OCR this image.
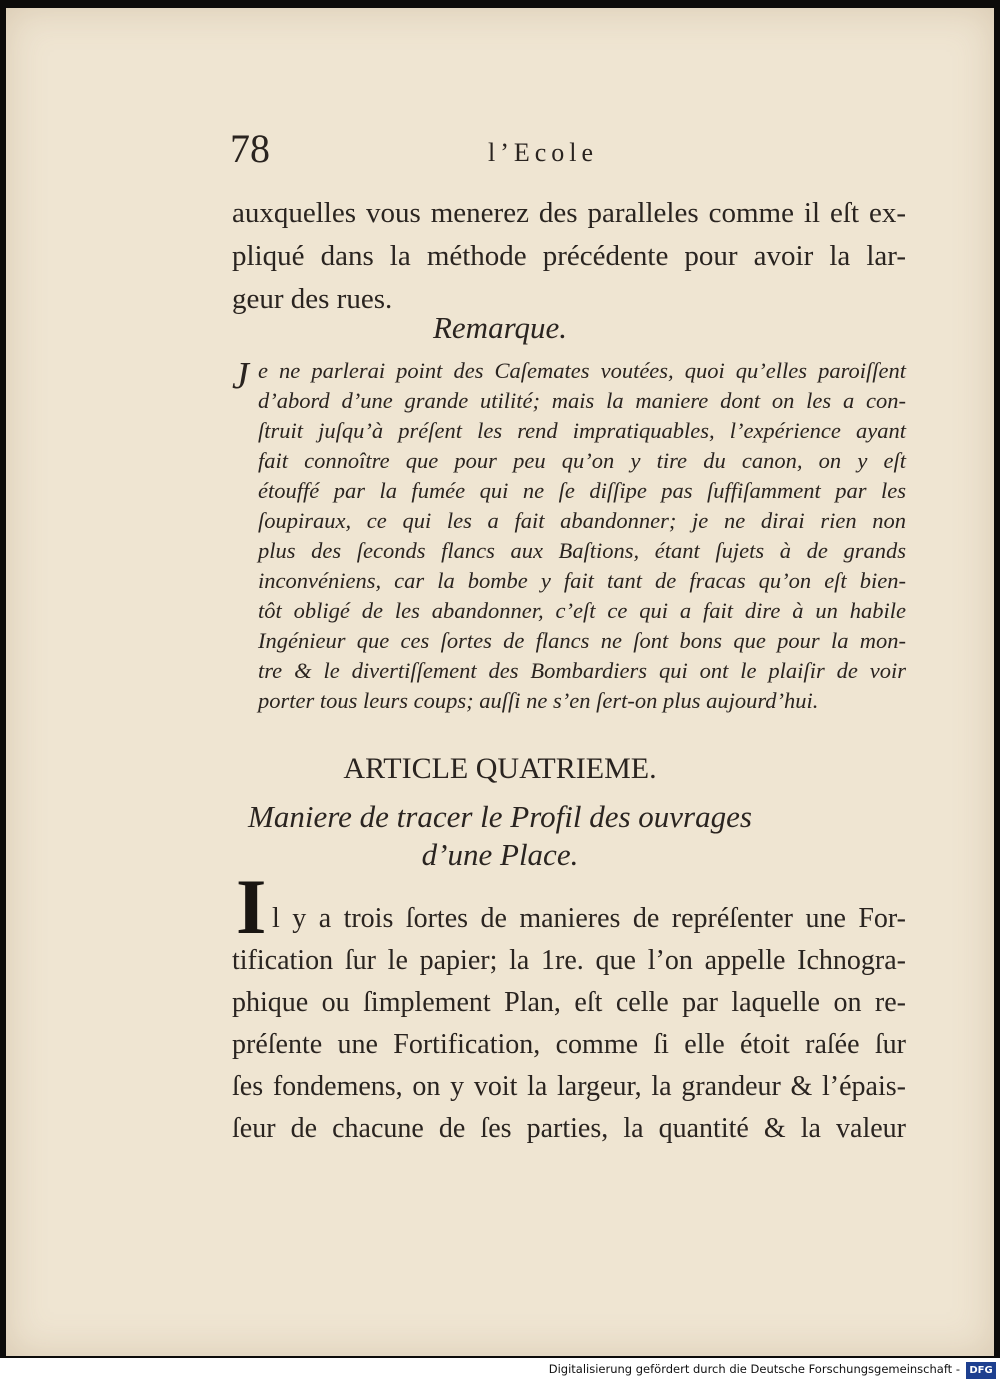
78	l’Ecole
auxquelles vous menerez des paralleles comme il eſt ex-
pliqué dans la méthode précédente pour avoir la lar-
geur des rues.
Remarque.
J e ne parlerai point des Caſemates voutées, quoi qu’elles paroiſſent
d’abord d’une grande utilité; mais la maniere dont on les a con-
ſtruit juſqu’à préſent les rend impratiquables, l’expérience ayant
fait connoître que pour peu qu’on y tire du canon, on y eſt
étouffé par la fumée qui ne ſe diſſipe pas ſuffiſamment par les
ſoupiraux, ce qui les a fait abandonner; je ne dirai rien non
plus des ſeconds flancs aux Baſtions, étant ſujets à de grands
inconvéniens, car la bombe y fait tant de fracas qu’on eſt bien-
tôt obligé de les abandonner, c’eſt ce qui a fait dire à un habile
Ingénieur que ces ſortes de flancs ne ſont bons que pour la mon-
tre & le divertiſſement des Bombardiers qui ont le plaiſir de voir
porter tous leurs coups; auſſi ne s’en ſert-on plus aujourd’hui.
ARTICLE QUATRIEME.
Maniere de tracer le Profil des ouvrages
d’une Place.
I l y a trois ſortes de manieres de repréſenter une For-
tification ſur le papier; la 1re. que l’on appelle Ichnogra-
phique ou ſimplement Plan, eſt celle par laquelle on re-
préſente une Fortification, comme ſi elle étoit raſée ſur
ſes fondemens, on y voit la largeur, la grandeur & l’épais-
ſeur de chacune de ſes parties, la quantité & la valeur
Digitalisierung gefördert durch die Deutsche Forschungsgemeinschaft - DFG
